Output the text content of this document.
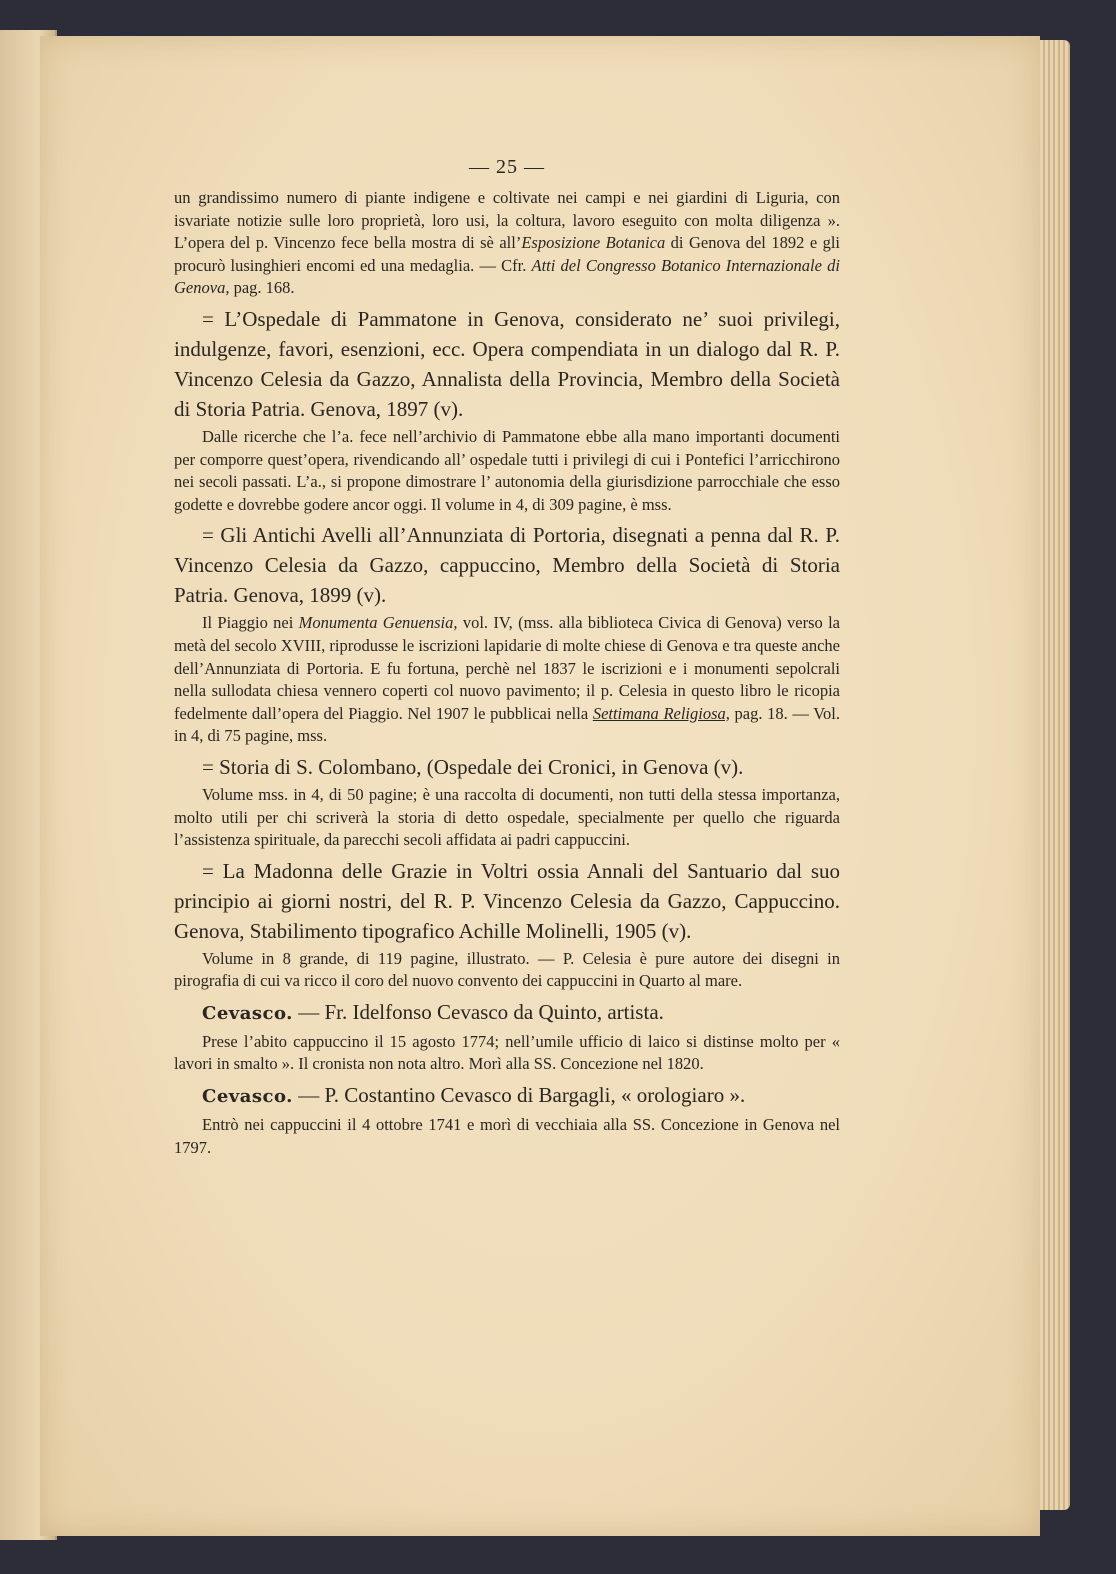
— 25 —

un grandissimo numero di piante indigene e coltivate nei campi e nei giardini di Liguria, con isvariate notizie sulle loro proprietà, loro usi, la coltura, lavoro eseguito con molta diligenza ». L’opera del p. Vincenzo fece bella mostra di sè all’Esposizione Botanica di Genova del 1892 e gli procurò lusinghieri encomi ed una medaglia. — Cfr. Atti del Congresso Botanico Internazionale di Genova, pag. 168.

= L’Ospedale di Pammatone in Genova, considerato ne’ suoi privilegi, indulgenze, favori, esenzioni, ecc. Opera compendiata in un dialogo dal R. P. Vincenzo Celesia da Gazzo, Annalista della Provincia, Membro della Società di Storia Patria. Genova, 1897 (v).

Dalle ricerche che l’a. fece nell’archivio di Pammatone ebbe alla mano importanti documenti per comporre quest’opera, rivendicando all’ ospedale tutti i privilegi di cui i Pontefici l’arricchirono nei secoli passati. L’a., si propone dimostrare l’ autonomia della giurisdizione parrocchiale che esso godette e dovrebbe godere ancor oggi. Il volume in 4, di 309 pagine, è mss.

= Gli Antichi Avelli all’Annunziata di Portoria, disegnati a penna dal R. P. Vincenzo Celesia da Gazzo, cappuccino, Membro della Società di Storia Patria. Genova, 1899 (v).

Il Piaggio nei Monumenta Genuensia, vol. IV, (mss. alla biblioteca Civica di Genova) verso la metà del secolo XVIII, riprodusse le iscrizioni lapidarie di molte chiese di Genova e tra queste anche dell’Annunziata di Portoria. E fu fortuna, perchè nel 1837 le iscrizioni e i monumenti sepolcrali nella sullodata chiesa vennero coperti col nuovo pavimento; il p. Celesia in questo libro le ricopia fedelmente dall’opera del Piaggio. Nel 1907 le pubblicai nella Settimana Religiosa, pag. 18. — Vol. in 4, di 75 pagine, mss.

= Storia di S. Colombano, (Ospedale dei Cronici, in Genova (v).

Volume mss. in 4, di 50 pagine; è una raccolta di documenti, non tutti della stessa importanza, molto utili per chi scriverà la storia di detto ospedale, specialmente per quello che riguarda l’assistenza spirituale, da parecchi secoli affidata ai padri cappuccini.

= La Madonna delle Grazie in Voltri ossia Annali del Santuario dal suo principio ai giorni nostri, del R. P. Vincenzo Celesia da Gazzo, Cappuccino. Genova, Stabilimento tipografico Achille Molinelli, 1905 (v).

Volume in 8 grande, di 119 pagine, illustrato. — P. Celesia è pure autore dei disegni in pirografia di cui va ricco il coro del nuovo convento dei cappuccini in Quarto al mare.

Cevasco. — Fr. Idelfonso Cevasco da Quinto, artista.

Prese l’abito cappuccino il 15 agosto 1774; nell’umile ufficio di laico si distinse molto per « lavori in smalto ». Il cronista non nota altro. Morì alla SS. Concezione nel 1820.

Cevasco. — P. Costantino Cevasco di Bargagli, « orologiaro ».

Entrò nei cappuccini il 4 ottobre 1741 e morì di vecchiaia alla SS. Concezione in Genova nel 1797.
